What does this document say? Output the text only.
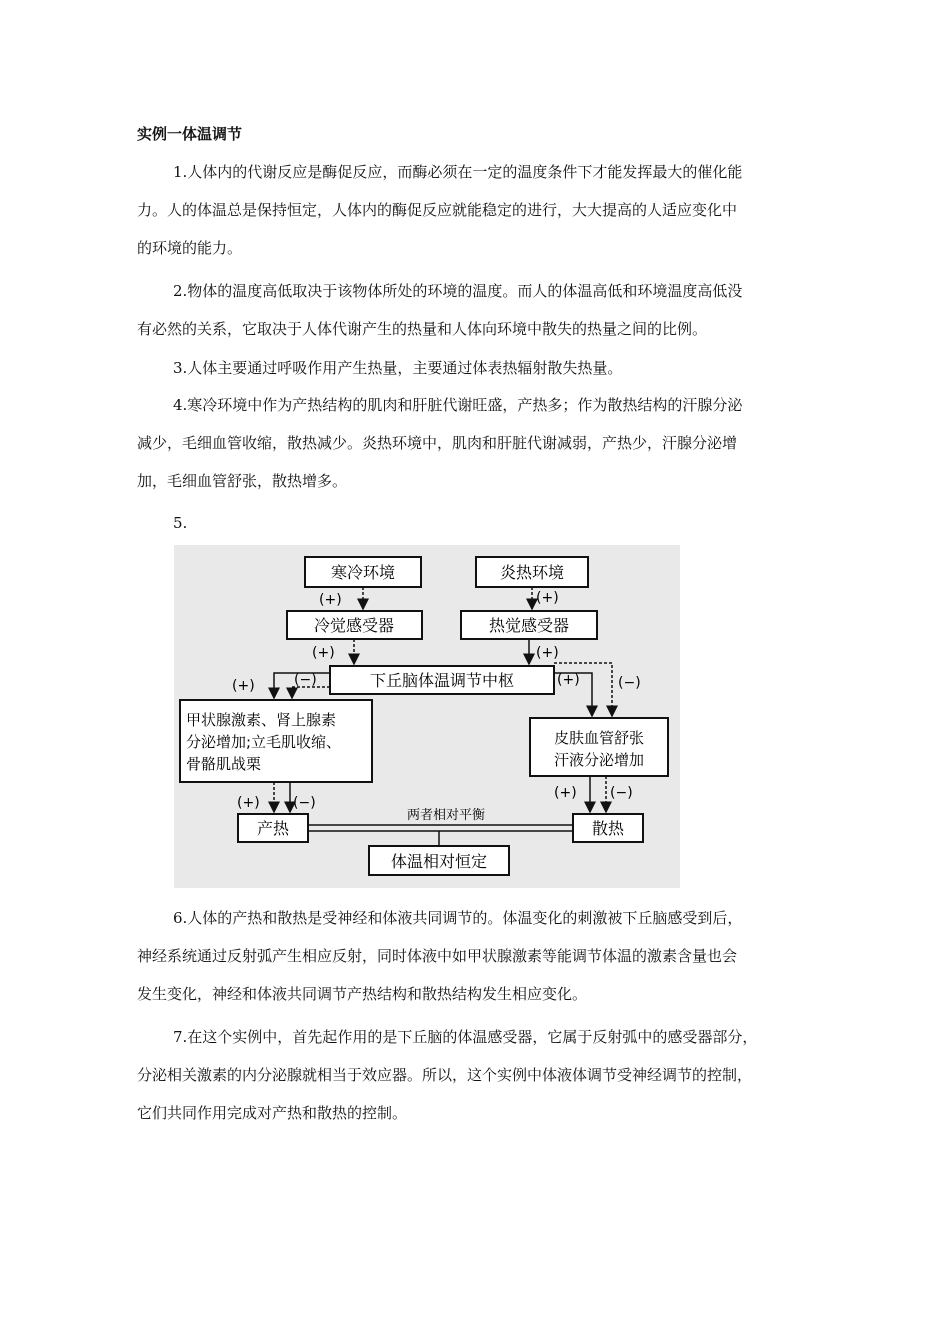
实例一体温调节

1.人体内的代谢反应是酶促反应，而酶必须在一定的温度条件下才能发挥最大的催化能
力。人的体温总是保持恒定，人体内的酶促反应就能稳定的进行，大大提高的人适应变化中
的环境的能力。

2.物体的温度高低取决于该物体所处的环境的温度。而人的体温高低和环境温度高低没
有必然的关系，它取决于人体代谢产生的热量和人体向环境中散失的热量之间的比例。

3.人体主要通过呼吸作用产生热量，主要通过体表热辐射散失热量。

4.寒冷环境中作为产热结构的肌肉和肝脏代谢旺盛，产热多；作为散热结构的汗腺分泌
减少，毛细血管收缩，散热减少。炎热环境中，肌肉和肝脏代谢减弱，产热少，汗腺分泌增
加，毛细血管舒张，散热增多。

5.

寒冷环境	炎热环境
冷觉感受器	热觉感受器
下丘脑体温调节中枢
甲状腺激素、肾上腺素
分泌增加;立毛肌收缩、
骨骼肌战栗
皮肤血管舒张
汗液分泌增加
产热	散热
体温相对恒定
两者相对平衡
(+)	(+)
(+)	(+)
(+)	(−)	(+)	(−)
(+) (−)
(+) (−)

6.人体的产热和散热是受神经和体液共同调节的。体温变化的刺激被下丘脑感受到后，
神经系统通过反射弧产生相应反射，同时体液中如甲状腺激素等能调节体温的激素含量也会
发生变化，神经和体液共同调节产热结构和散热结构发生相应变化。

7.在这个实例中，首先起作用的是下丘脑的体温感受器，它属于反射弧中的感受器部分，
分泌相关激素的内分泌腺就相当于效应器。所以，这个实例中体液体调节受神经调节的控制，
它们共同作用完成对产热和散热的控制。
